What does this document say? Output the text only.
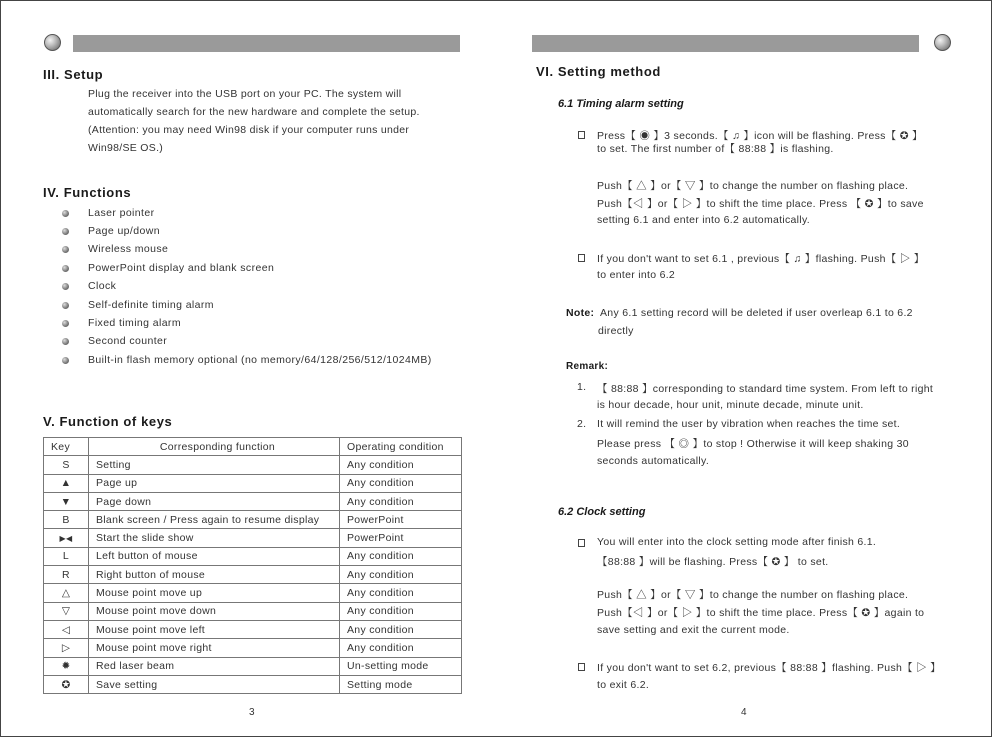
III. Setup
Plug the receiver into the USB port on your PC. The system will
automatically search for the new hardware and complete the setup.
(Attention: you may need Win98 disk if your computer runs under
Win98/SE OS.)
IV. Functions
Laser pointer
Page up/down
Wireless mouse
PowerPoint display and blank screen
Clock
Self-definite timing alarm
Fixed timing alarm
Second counter
Built-in flash memory optional (no memory/64/128/256/512/1024MB)
V. Function of keys
Key	Corresponding function	Operating condition
S	Setting	Any condition
▲	Page up	Any condition
▼	Page down	Any condition
B	Blank screen / Press again to resume display	PowerPoint
▶◀	Start the slide show	PowerPoint
L	Left button of mouse	Any condition
R	Right button of mouse	Any condition
△	Mouse point move up	Any condition
▽	Mouse point move down	Any condition
◁	Mouse point move left	Any condition
▷	Mouse point move right	Any condition
✹	Red laser beam	Un-setting mode
✪	Save setting	Setting mode
3
VI. Setting method
6.1 Timing alarm setting
Press【 ◉ 】3 seconds.【 ♫ 】icon will be flashing. Press【 ✪ 】
to set. The first number of【 88:88 】is flashing.
Push【 △ 】or【 ▽ 】to change the number on flashing place.
Push【◁ 】or【 ▷ 】to shift the time place. Press 【 ✪ 】to save
setting 6.1 and enter into 6.2 automatically.
If you don't want to set 6.1 , previous【 ♫ 】flashing. Push【 ▷ 】
to enter into 6.2
Note: Any 6.1 setting record will be deleted if user overleap 6.1 to 6.2
directly
Remark:
1. 【 88:88 】corresponding to standard time system. From left to right
is hour decade, hour unit, minute decade, minute unit.
2. It will remind the user by vibration when reaches the time set.
Please press 【 ◎ 】to stop ! Otherwise it will keep shaking 30
seconds automatically.
6.2 Clock setting
You will enter into the clock setting mode after finish 6.1.
【88:88 】will be flashing. Press【 ✪ 】 to set.
Push【 △ 】or【 ▽ 】to change the number on flashing place.
Push【◁ 】or【 ▷ 】to shift the time place. Press【 ✪ 】again to
save setting and exit the current mode.
If you don't want to set 6.2, previous【 88:88 】flashing. Push【 ▷ 】
to exit 6.2.
4
